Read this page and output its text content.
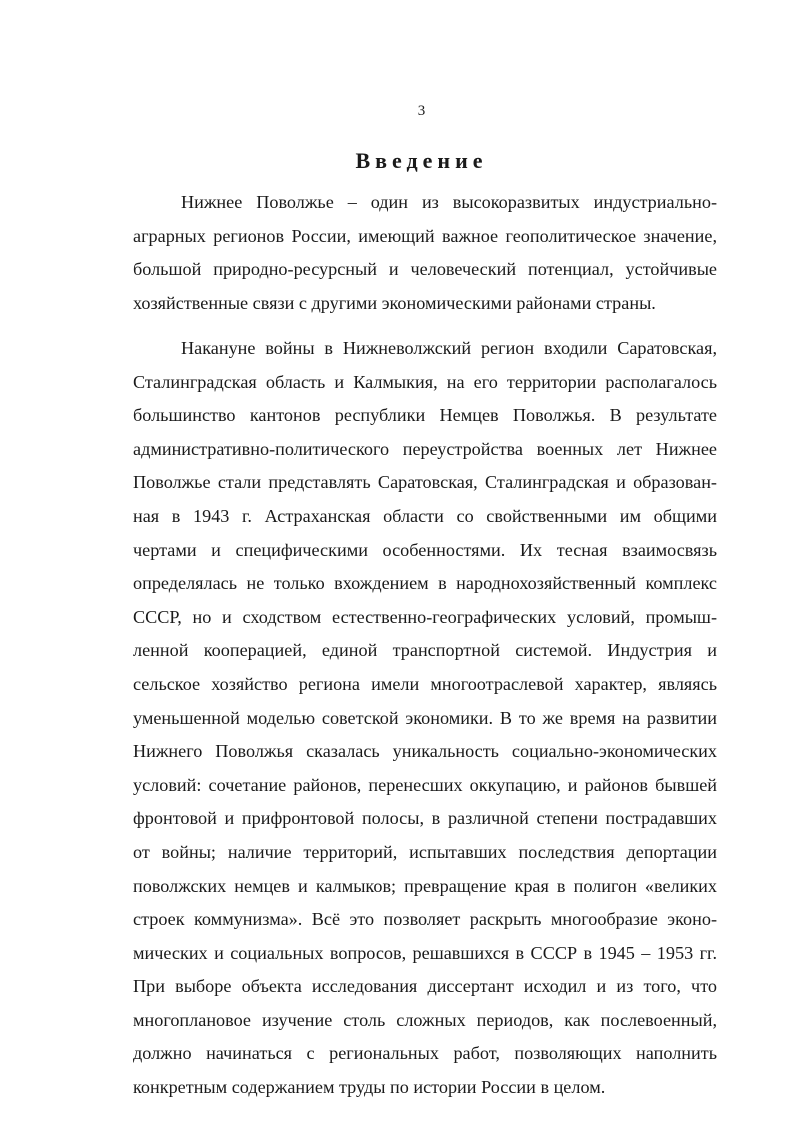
3
Введение
Нижнее Поволжье – один из высокоразвитых индустриально-
аграрных регионов России, имеющий важное геополитическое значение,
большой природно-ресурсный и человеческий потенциал, устойчивые
хозяйственные связи с другими экономическими районами страны.
Накануне войны в Нижневолжский регион входили Саратовская,
Сталинградская область и Калмыкия, на его территории располагалось
большинство кантонов республики Немцев Поволжья. В результате
административно-политического переустройства военных лет Нижнее
Поволжье стали представлять Саратовская, Сталинградская и образован-
ная в 1943 г. Астраханская области со свойственными им общими
чертами и специфическими особенностями. Их тесная взаимосвязь
определялась не только вхождением в народнохозяйственный комплекс
СССР, но и сходством естественно-географических условий, промыш-
ленной кооперацией, единой транспортной системой. Индустрия и
сельское хозяйство региона имели многоотраслевой характер, являясь
уменьшенной моделью советской экономики. В то же время на развитии
Нижнего Поволжья сказалась уникальность социально-экономических
условий: сочетание районов, перенесших оккупацию, и районов бывшей
фронтовой и прифронтовой полосы, в различной степени пострадавших
от войны; наличие территорий, испытавших последствия депортации
поволжских немцев и калмыков; превращение края в полигон «великих
строек коммунизма». Всё это позволяет раскрыть многообразие эконо-
мических и социальных вопросов, решавшихся в СССР в 1945 – 1953 гг.
При выборе объекта исследования диссертант исходил и из того, что
многоплановое изучение столь сложных периодов, как послевоенный,
должно начинаться с региональных работ, позволяющих наполнить
конкретным содержанием труды по истории России в целом.
